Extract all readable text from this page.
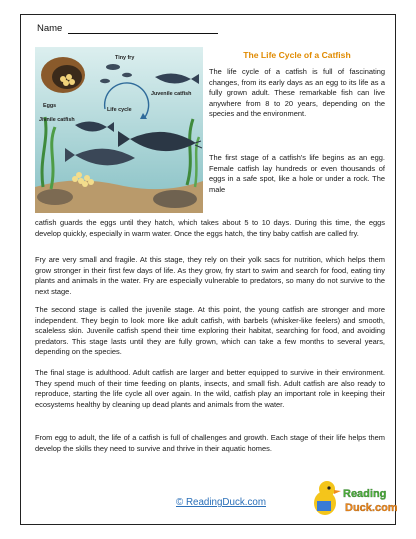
Name
Eggs
Tiny fry
Life cycle
Jivnile catfish
Juvenile catfish
The Life Cycle of a Catfish

The life cycle of a catfish is full of fascinating changes, from its early days as an egg to its life as a fully grown adult. These remarkable fish can live anywhere from 8 to 20 years, depending on the species and the environment.

The first stage of a catfish's life begins as an egg. Female catfish lay hundreds or even thousands of eggs in a safe spot, like a hole or under a rock. The male

catfish guards the eggs until they hatch, which takes about 5 to 10 days. During this time, the eggs develop quickly, especially in warm water. Once the eggs hatch, the tiny baby catfish are called fry.

Fry are very small and fragile. At this stage, they rely on their yolk sacs for nutrition, which helps them grow stronger in their first few days of life. As they grow, fry start to swim and search for food, eating tiny plants and animals in the water. Fry are especially vulnerable to predators, so many do not survive to the next stage.

The second stage is called the juvenile stage. At this point, the young catfish are stronger and more independent. They begin to look more like adult catfish, with barbels (whisker-like feelers) and smooth, scaleless skin. Juvenile catfish spend their time exploring their habitat, searching for food, and avoiding predators. This stage lasts until they are fully grown, which can take a few months to several years, depending on the species.

The final stage is adulthood. Adult catfish are larger and better equipped to survive in their environment. They spend much of their time feeding on plants, insects, and small fish. Adult catfish are also ready to reproduce, starting the life cycle all over again. In the wild, catfish play an important role in keeping their ecosystems healthy by cleaning up dead plants and animals from the water.

From egg to adult, the life of a catfish is full of challenges and growth. Each stage of their life helps them develop the skills they need to survive and thrive in their aquatic homes.

© ReadingDuck.com
Reading
Duck.com
